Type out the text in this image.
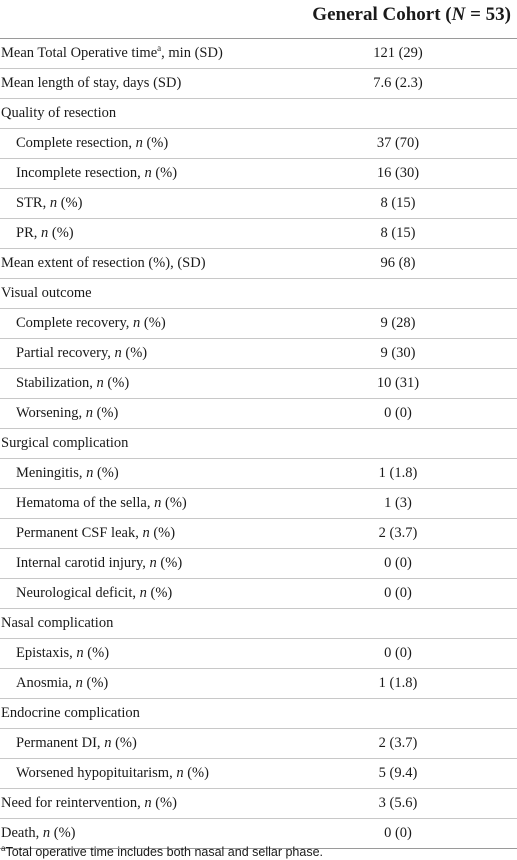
General Cohort (N = 53)
Mean Total Operative time$^a$, min (SD)	121 (29)
Mean length of stay, days (SD)	7.6 (2.3)
Quality of resection
Complete resection, n (%)	37 (70)
Incomplete resection, n (%)	16 (30)
STR, n (%)	8 (15)
PR, n (%)	8 (15)
Mean extent of resection (%), (SD)	96 (8)
Visual outcome
Complete recovery, n (%)	9 (28)
Partial recovery, n (%)	9 (30)
Stabilization, n (%)	10 (31)
Worsening, n (%)	0 (0)
Surgical complication
Meningitis, n (%)	1 (1.8)
Hematoma of the sella, n (%)	1 (3)
Permanent CSF leak, n (%)	2 (3.7)
Internal carotid injury, n (%)	0 (0)
Neurological deficit, n (%)	0 (0)
Nasal complication
Epistaxis, n (%)	0 (0)
Anosmia, n (%)	1 (1.8)
Endocrine complication
Permanent DI, n (%)	2 (3.7)
Worsened hypopituitarism, n (%)	5 (9.4)
Need for reintervention, n (%)	3 (5.6)
Death, n (%)	0 (0)
$^a$Total operative time includes both nasal and sellar phase.
